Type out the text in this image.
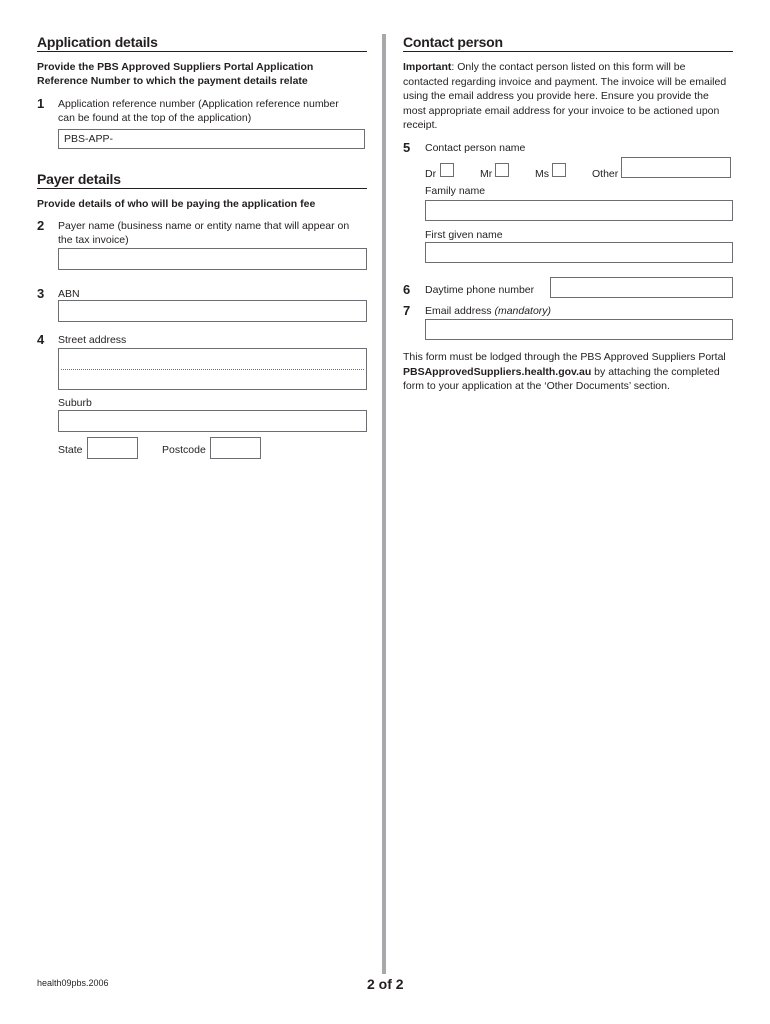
Application details
Provide the PBS Approved Suppliers Portal Application Reference Number to which the payment details relate
1 Application reference number (Application reference number can be found at the top of the application)
PBS-APP-
Payer details
Provide details of who will be paying the application fee
2 Payer name (business name or entity name that will appear on the tax invoice)
3 ABN
4 Street address
Suburb
State	Postcode
Contact person
Important: Only the contact person listed on this form will be contacted regarding invoice and payment. The invoice will be emailed using the email address you provide here. Ensure you provide the most appropriate email address for your invoice to be actioned upon receipt.
5 Contact person name
Dr	Mr	Ms	Other
Family name
First given name
6 Daytime phone number
7 Email address (mandatory)
This form must be lodged through the PBS Approved Suppliers Portal PBSApprovedSuppliers.health.gov.au by attaching the completed form to your application at the ‘Other Documents’ section.
health09pbs.2006	2 of 2
